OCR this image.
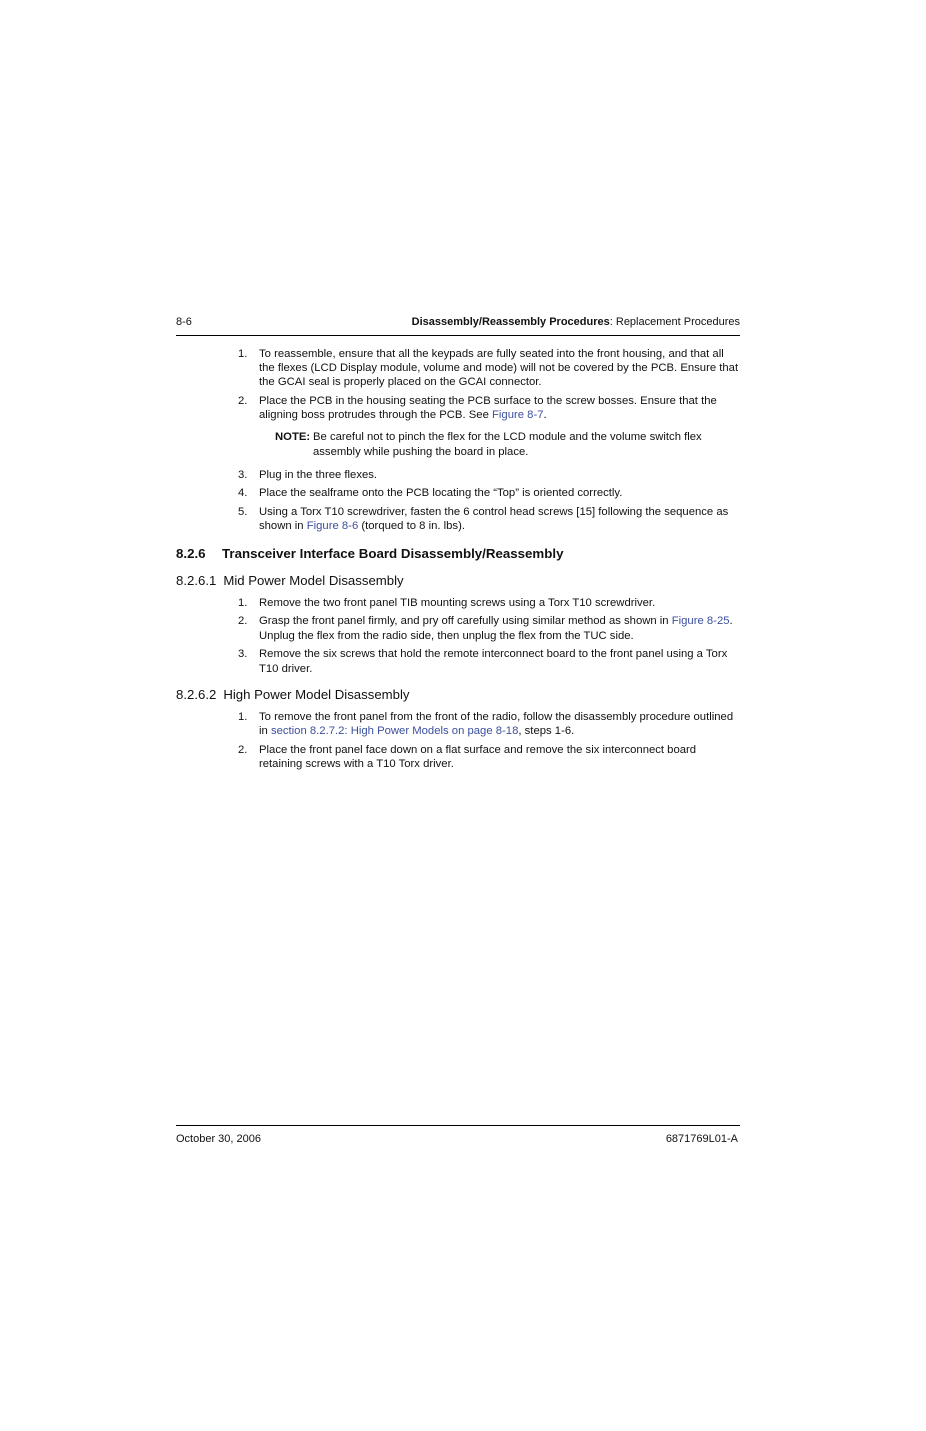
8-6	Disassembly/Reassembly Procedures: Replacement Procedures
1. To reassemble, ensure that all the keypads are fully seated into the front housing, and that all the flexes (LCD Display module, volume and mode) will not be covered by the PCB. Ensure that the GCAI seal is properly placed on the GCAI connector.
2. Place the PCB in the housing seating the PCB surface to the screw bosses. Ensure that the aligning boss protrudes through the PCB. See Figure 8-7.
NOTE: Be careful not to pinch the flex for the LCD module and the volume switch flex assembly while pushing the board in place.
3. Plug in the three flexes.
4. Place the sealframe onto the PCB locating the “Top” is oriented correctly.
5. Using a Torx T10 screwdriver, fasten the 6 control head screws [15] following the sequence as shown in Figure 8-6 (torqued to 8 in. lbs).
8.2.6 Transceiver Interface Board Disassembly/Reassembly
8.2.6.1 Mid Power Model Disassembly
1. Remove the two front panel TIB mounting screws using a Torx T10 screwdriver.
2. Grasp the front panel firmly, and pry off carefully using similar method as shown in Figure 8-25. Unplug the flex from the radio side, then unplug the flex from the TUC side.
3. Remove the six screws that hold the remote interconnect board to the front panel using a Torx T10 driver.
8.2.6.2 High Power Model Disassembly
1. To remove the front panel from the front of the radio, follow the disassembly procedure outlined in section 8.2.7.2: High Power Models on page 8-18, steps 1-6.
2. Place the front panel face down on a flat surface and remove the six interconnect board retaining screws with a T10 Torx driver.
October 30, 2006	6871769L01-A
